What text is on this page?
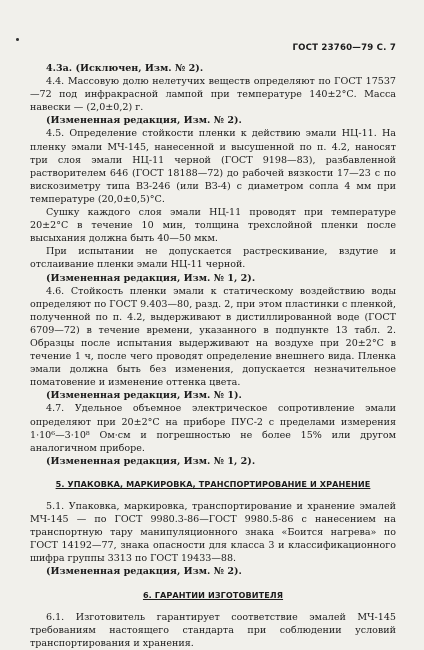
ГОСТ 23760—79 С. 7

4.3а. (Исключен, Изм. № 2).

4.4. Массовую долю нелетучих веществ определяют по ГОСТ 17537—72 под инфракрасной лампой при температуре 140±2°С. Масса навески — (2,0±0,2) г.

(Измененная редакция, Изм. № 2).

4.5. Определение стойкости пленки к действию эмали НЦ-11. На пленку эмали МЧ-145, нанесенной и высушенной по п. 4.2, наносят три слоя эмали НЦ-11 черной (ГОСТ 9198—83), разбавленной растворителем 646 (ГОСТ 18188—72) до рабочей вязкости 17—23 с по вискозиметру типа ВЗ-246 (или ВЗ-4) с диаметром сопла 4 мм при температуре (20,0±0,5)°С.

Сушку каждого слоя эмали НЦ-11 проводят при температуре 20±2°С в течение 10 мин, толщина трехслойной пленки после высыхания должна быть 40—50 мкм.

При испытании не допускается растрескивание, вздутие и отслаивание пленки эмали НЦ-11 черной.

(Измененная редакция, Изм. № 1, 2).

4.6. Стойкость пленки эмали к статическому воздействию воды определяют по ГОСТ 9.403—80, разд. 2, при этом пластинки с пленкой, полученной по п. 4.2, выдерживают в дистиллированной воде (ГОСТ 6709—72) в течение времени, указанного в подпункте 13 табл. 2. Образцы после испытания выдерживают на воздухе при 20±2°С в течение 1 ч, после чего проводят определение внешнего вида. Пленка эмали должна быть без изменения, допускается незначительное поматовение и изменение оттенка цвета.

(Измененная редакция, Изм. № 1).

4.7. Удельное объемное электрическое сопротивление эмали определяют при 20±2°С на приборе ПУС-2 с пределами измерения 1·10⁶—3·10⁸ Ом·см и погрешностью не более 15% или другом аналогичном приборе.

(Измененная редакция, Изм. № 1, 2).

5. УПАКОВКА, МАРКИРОВКА, ТРАНСПОРТИРОВАНИЕ И ХРАНЕНИЕ

5.1. Упаковка, маркировка, транспортирование и хранение эмалей МЧ-145 — по ГОСТ 9980.3-86—ГОСТ 9980.5-86 с нанесением на транспортную тару манипуляционного знака «Боится нагрева» по ГОСТ 14192—77, знака опасности для класса 3 и классификационного шифра группы 3313 по ГОСТ 19433—88.

(Измененная редакция, Изм. № 2).

6. ГАРАНТИИ ИЗГОТОВИТЕЛЯ

6.1. Изготовитель гарантирует соответствие эмалей МЧ-145 требованиям настоящего стандарта при соблюдении условий транспортирования и хранения.
